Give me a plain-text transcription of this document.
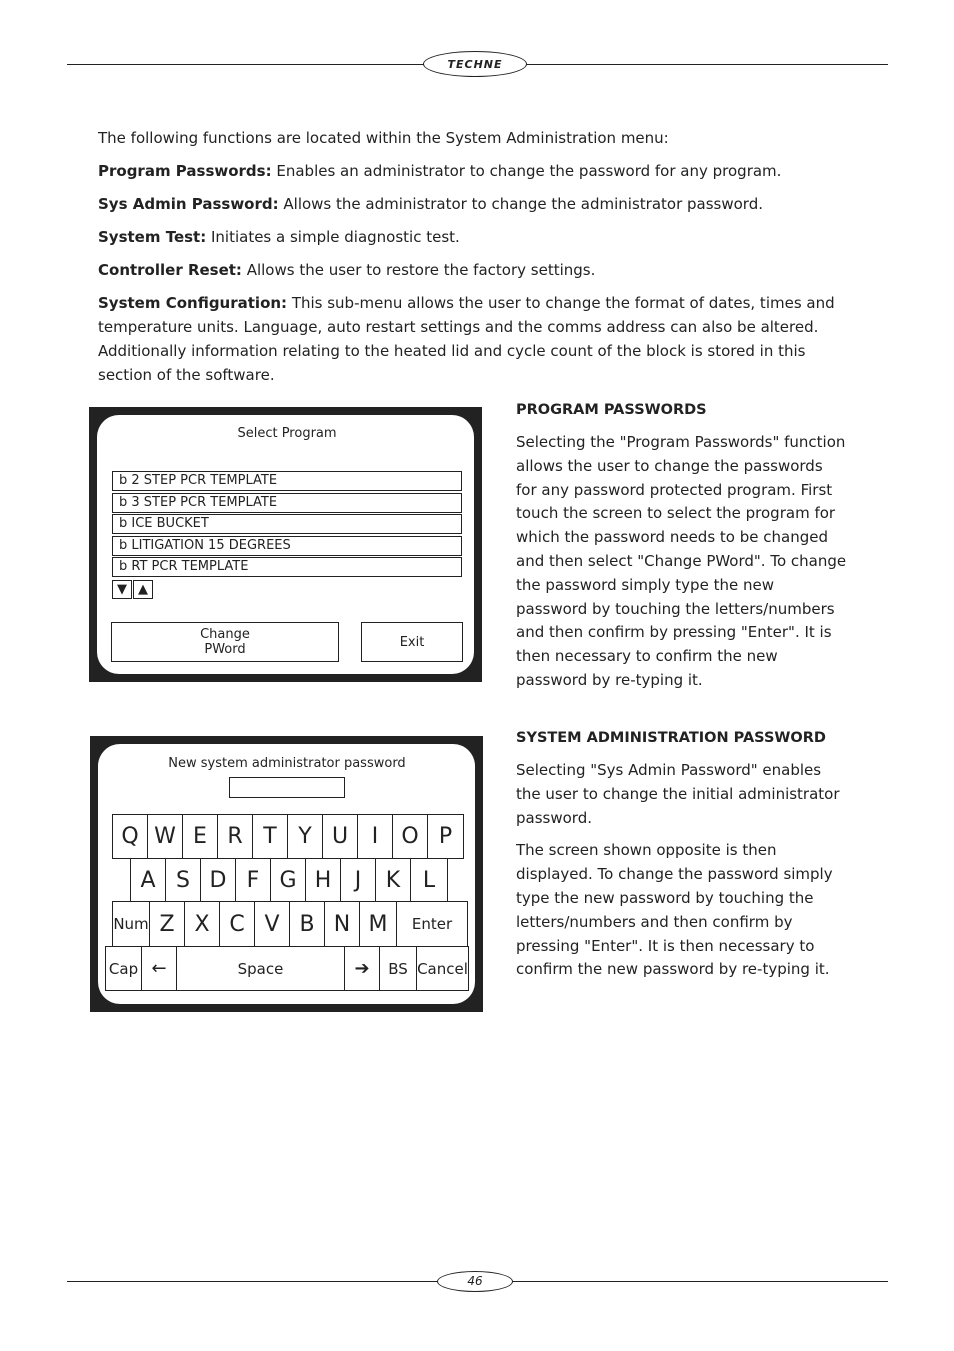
TECHNE
46

The following functions are located within the System Administration menu:

Program Passwords: Enables an administrator to change the password for any program.

Sys Admin Password: Allows the administrator to change the administrator password.

System Test: Initiates a simple diagnostic test.

Controller Reset: Allows the user to restore the factory settings.

System Configuration: This sub-menu allows the user to change the format of dates, times and temperature units. Language, auto restart settings and the comms address can also be altered. Additionally information relating to the heated lid and cycle count of the block is stored in this section of the software.

PROGRAM PASSWORDS

Selecting the "Program Passwords" function allows the user to change the passwords for any password protected program. First touch the screen to select the program for which the password needs to be changed and then select "Change PWord". To change the password simply type the new password by touching the letters/numbers and then confirm by pressing "Enter". It is then necessary to confirm the new password by re-typing it.

SYSTEM ADMINISTRATION PASSWORD

Selecting "Sys Admin Password" enables the user to change the initial administrator password.

The screen shown opposite is then displayed. To change the password simply type the new password by touching the letters/numbers and then confirm by pressing "Enter". It is then necessary to confirm the new password by re-typing it.

Select Program
b 2 STEP PCR TEMPLATE
b 3 STEP PCR TEMPLATE
b ICE BUCKET
b LITIGATION 15 DEGREES
b RT PCR TEMPLATE
▼ ▲
Change
PWord	Exit
New system administrator password
Q W E R T Y U	I	O P
A S D F G H	J	K	L
Num Z X C V B N M	Enter
Cap ←	Space	➔	BS Cancel
